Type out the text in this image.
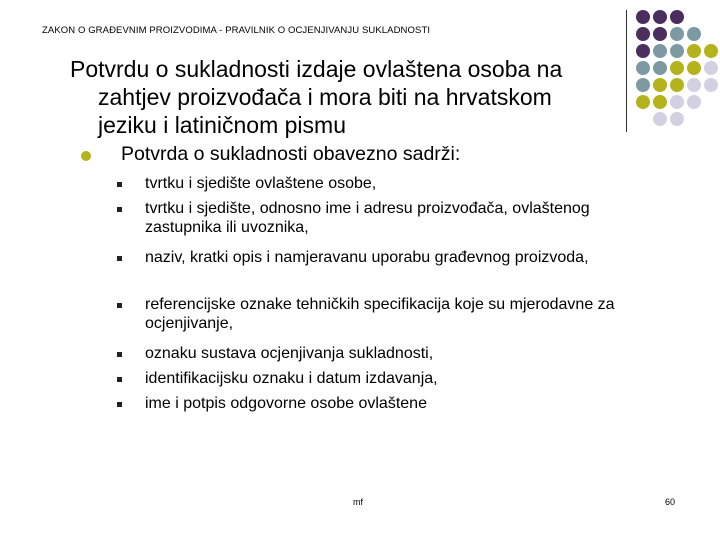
ZAKON O GRAĐEVNIM PROIZVODIMA - PRAVILNIK O OCJENJIVANJU SUKLADNOSTI
Potvrdu o sukladnosti izdaje ovlaštena osoba na
zahtjev proizvođača i mora biti na hrvatskom
jeziku i latiničnom pismu
Potvrda o sukladnosti obavezno sadrži:
tvrtku i sjedište ovlaštene osobe,
tvrtku i sjedište, odnosno ime i adresu proizvođača, ovlaštenog zastupnika ili uvoznika,
naziv, kratki opis i namjeravanu uporabu građevnog proizvoda,
referencijske oznake tehničkih specifikacija koje su mjerodavne za ocjenjivanje,
oznaku sustava ocjenjivanja sukladnosti,
identifikacijsku oznaku i datum izdavanja,
ime i potpis odgovorne osobe ovlaštene
mf	60
